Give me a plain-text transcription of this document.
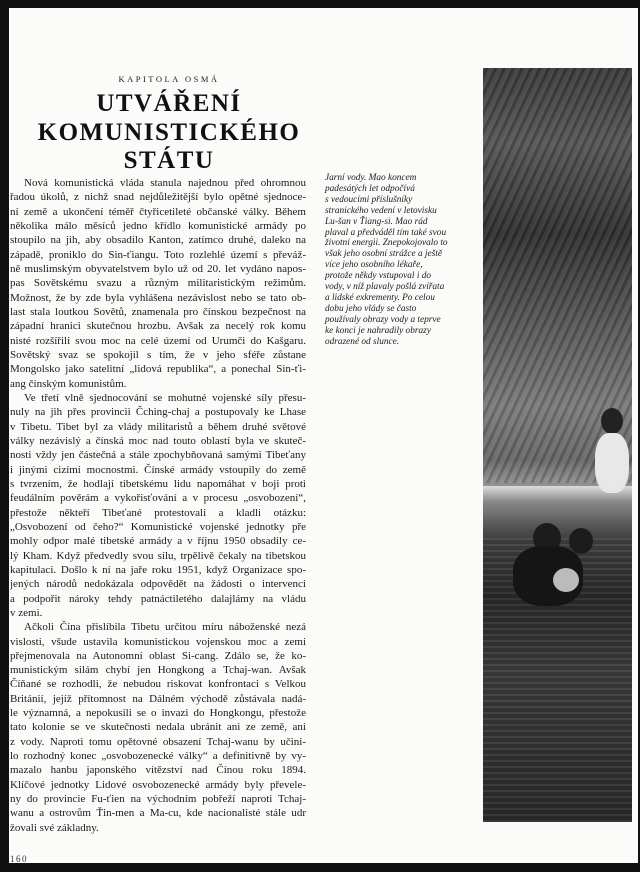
KAPITOLA OSMÁ
UTVÁŘENÍ
KOMUNISTICKÉHO
STÁTU
Nová komunistická vláda stanula najednou před ohromnou
řadou úkolů, z nichž snad nejdůležitější bylo opětné sjednoce-
ní země a ukončení téměř čtyřicetileté občanské války. Během
několika málo měsíců jedno křídlo komunistické armády po
stoupilo na jih, aby obsadilo Kanton, zatímco druhé, daleko na
západě, proniklo do Sin-ťiangu. Toto rozlehlé území s převáž-
ně muslimským obyvatelstvem bylo už od 20. let vydáno napos-
pas Sovětskému svazu a různým militaristickým režimům.
Možnost, že by zde byla vyhlášena nezávislost nebo se tato ob-
last stala loutkou Sovětů, znamenala pro čínskou bezpečnost na
západní hranici skutečnou hrozbu. Avšak za necelý rok komu
nisté rozšířili svou moc na celé území od Urumči do Kašgaru.
Sovětský svaz se spokojil s tím, že v jeho sféře zůstane
Mongolsko jako satelitní „lidová republika“, a ponechal Sin-ťi-
ang čínským komunistům.
Ve třetí vlně sjednocování se mohutné vojenské síly přesu-
nuly na jih přes provincii Čching-chaj a postupovaly ke Lhase
v Tibetu. Tibet byl za vlády militaristů a během druhé světové
války nezávislý a čínská moc nad touto oblastí byla ve skuteč-
nosti vždy jen částečná a stále zpochybňovaná samými Tibeťany
i jinými cizími mocnostmi. Čínské armády vstoupily do země
s tvrzením, že hodlají tibetskému lidu napomáhat v boji proti
feudálním pověrám a vykořisťování a v procesu „osvobození“,
přestože někteří Tibeťané protestovali a kladli otázku:
„Osvobození od čeho?“ Komunistické vojenské jednotky pře
mohly odpor malé tibetské armády a v říjnu 1950 obsadily ce-
lý Kham. Když předvedly svou sílu, trpělivě čekaly na tibetskou
kapitulaci. Došlo k ní na jaře roku 1951, když Organizace spo-
jených národů nedokázala odpovědět na žádosti o intervenci
a podpořit nároky tehdy patnáctiletého dalajlámy na vládu
v zemi.
Ačkoli Čína přislíbila Tibetu určitou míru náboženské nezá
vislosti, všude ustavila komunistickou vojenskou moc a zemi
přejmenovala na Autonomní oblast Si-cang. Zdálo se, že ko-
munistickým silám chybí jen Hongkong a Tchaj-wan. Avšak
Číňané se rozhodli, že nebudou riskovat konfrontaci s Velkou
Británií, jejíž přítomnost na Dálném východě zůstávala nadá-
le významná, a nepokusili se o invazi do Hongkongu, přestože
tato kolonie se ve skutečnosti nedala ubránit ani ze země, ani
z vody. Naproti tomu opětovné obsazení Tchaj-wanu by učini-
lo rozhodný konec „osvobozenecké války“ a definitivně by vy-
mazalo hanbu japonského vítězství nad Čínou roku 1894.
Klíčové jednotky Lidové osvobozenecké armády byly převele-
ny do provincie Fu-ťien na východním pobřeží naproti Tchaj-
wanu a ostrovům Ťin-men a Ma-cu, kde nacionalisté stále udr
žovali své základny.
Jarní vody. Mao koncem
padesátých let odpočívá
s vedoucími příslušníky
stranického vedení v letovisku
Lu-šan v Ťiang-si. Mao rád
plaval a předváděl tím také svou
životní energii. Znepokojovalo to
však jeho osobní strážce a ještě
více jeho osobního lékaře,
protože někdy vstupoval i do
vody, v níž plavaly pošlá zvířata
a lidské exkrementy. Po celou
dobu jeho vlády se často
používaly obrazy vody a teprve
ke konci je nahradily obrazy
odrazené od slunce.
160
